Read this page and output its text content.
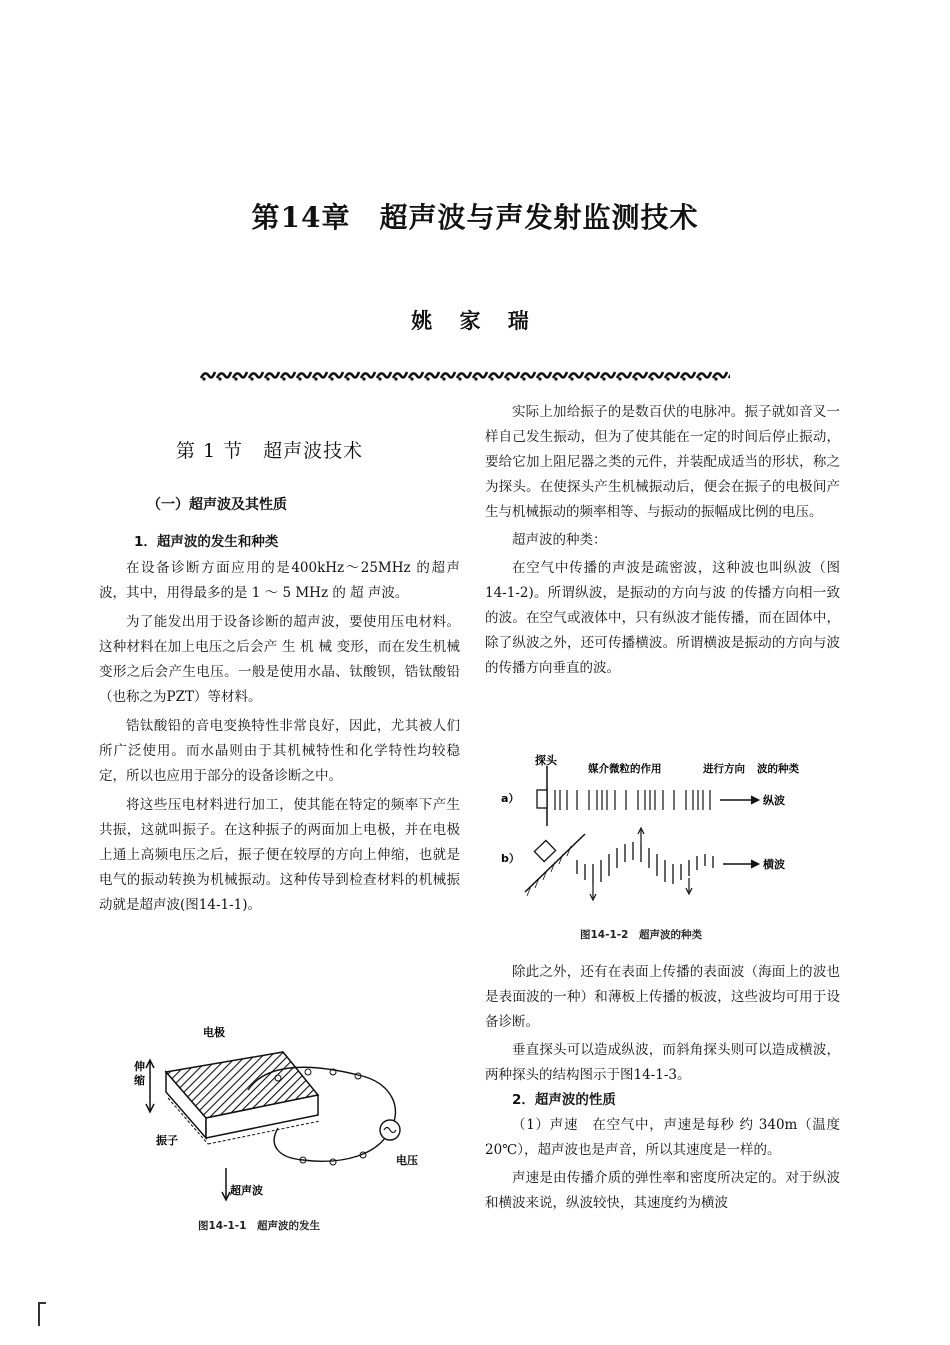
第14章　超声波与声发射监测技术
姚 家 瑞
第 1 节　超声波技术
（一）超声波及其性质
1．超声波的发生和种类

在设备诊断方面应用的是400kHz～25MHz 的超声波，其中，用得最多的是 1 ～ 5 MHz 的 超 声波。

为了能发出用于设备诊断的超声波，要使用压电材料。这种材料在加上电压之后会产 生 机 械 变形，而在发生机械变形之后会产生电压。一般是使用水晶、钛酸钡，锆钛酸铅（也称之为PZT）等材料。

锆钛酸铅的音电变换特性非常良好，因此，尤其被人们所广泛使用。而水晶则由于其机械特性和化学特性均较稳定，所以也应用于部分的设备诊断之中。

将这些压电材料进行加工，使其能在特定的频率下产生共振，这就叫振子。在这种振子的两面加上电极，并在电极上通上高频电压之后，振子便在较厚的方向上伸缩，也就是电气的振动转换为机械振动。这种传导到检查材料的机械振动就是超声波(图14-1-1)。

电极
伸
缩
振子
电压
超声波
图14-1-1　超声波的发生

实际上加给振子的是数百伏的电脉冲。振子就如音叉一样自己发生振动，但为了使其能在一定的时间后停止振动，要给它加上阻尼器之类的元件，并装配成适当的形状，称之为探头。在使探头产生机械振动后，便会在振子的电极间产生与机械振动的频率相等、与振动的振幅成比例的电压。

超声波的种类：

在空气中传播的声波是疏密波，这种波也叫纵波（图14-1-2)。所谓纵波，是振动的方向与波 的传播方向相一致的波。在空气或液体中，只有纵波才能传播，而在固体中，除了纵波之外，还可传播横波。所谓横波是振动的方向与波的传播方向垂直的波。

探头
媒介微粒的作用	进行方向 波的种类
a）	纵波
b）	横波
图14-1-2　超声波的种类

除此之外，还有在表面上传播的表面波（海面上的波也是表面波的一种）和薄板上传播的板波，这些波均可用于设备诊断。

垂直探头可以造成纵波，而斜角探头则可以造成横波，两种探头的结构图示于图14-1-3。

2．超声波的性质

（1）声速　在空气中，声速是每秒 约 340m（温度20℃），超声波也是声音，所以其速度是一样的。

声速是由传播介质的弹性率和密度所决定的。对于纵波和横波来说，纵波较快，其速度约为横波
